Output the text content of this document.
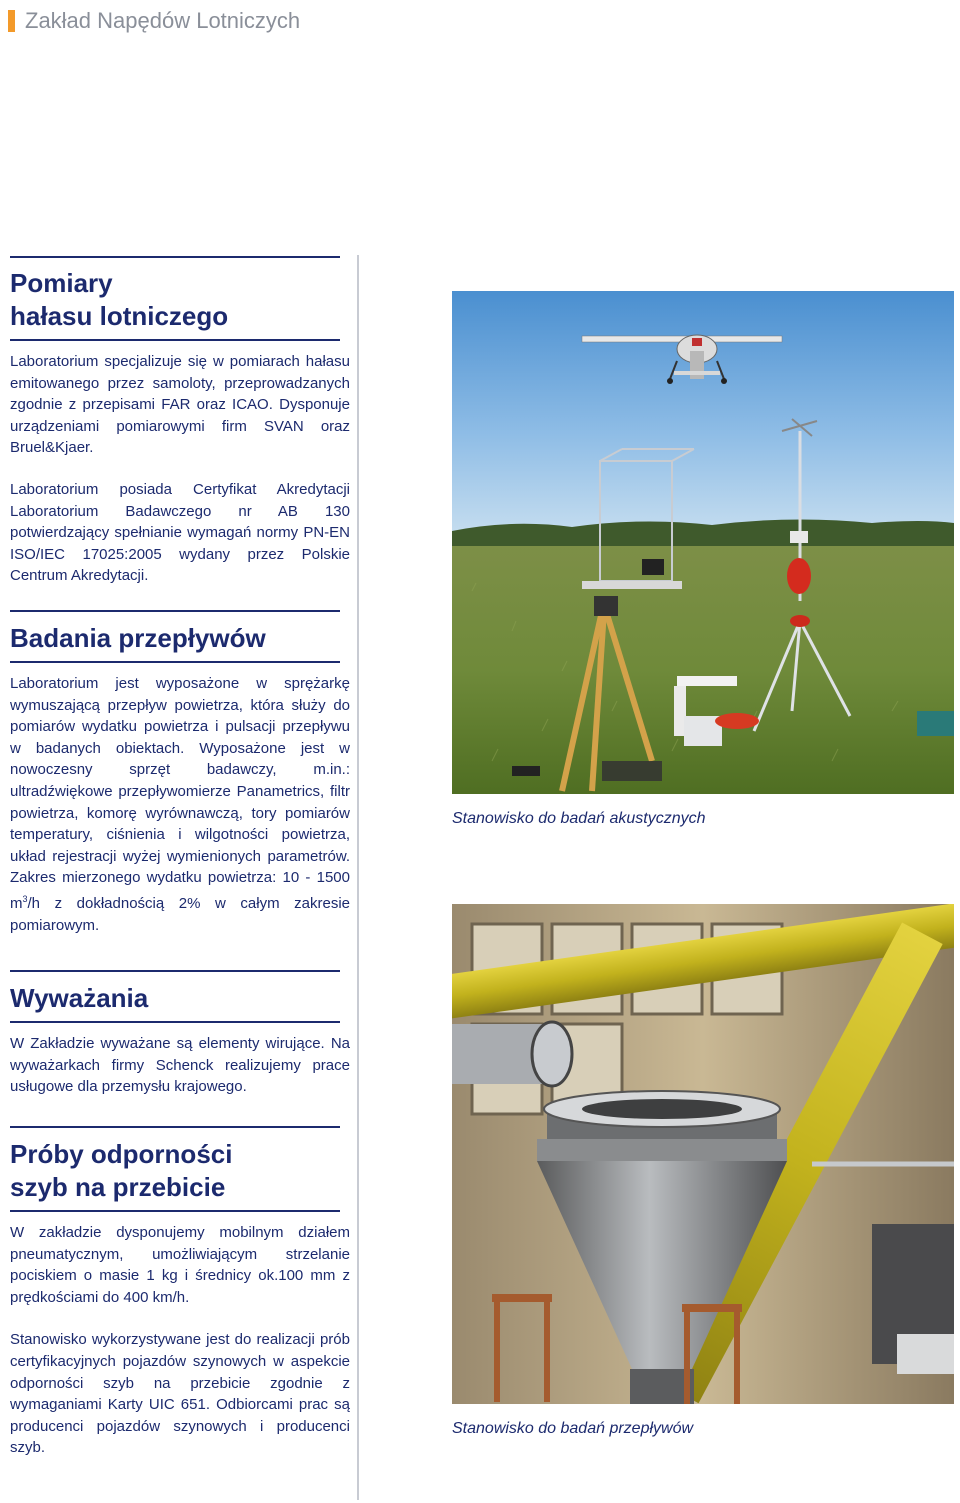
Zakład Napędów Lotniczych
Pomiary
hałasu lotniczego

Laboratorium specjalizuje się w pomiarach hałasu emitowanego przez samoloty, przeprowadzanych zgodnie z przepisami FAR oraz ICAO. Dysponuje urządzeniami pomiarowymi firm SVAN oraz Bruel&Kjaer.

Laboratorium posiada Certyfikat Akredytacji Laboratorium Badawczego nr AB 130 potwierdzający spełnianie wymagań normy PN-EN ISO/IEC 17025:2005 wydany przez Polskie Centrum Akredytacji.

Badania przepływów

Laboratorium jest wyposażone w sprężarkę wymuszającą przepływ powietrza, która służy do pomiarów wydatku powietrza i pulsacji przepływu w badanych obiektach. Wyposażone jest w nowoczesny sprzęt badawczy, m.in.: ultradźwiękowe przepływomierze Panametrics, filtr powietrza, komorę wyrównawczą, tory pomiarów temperatury, ciśnienia i wilgotności powietrza, układ rejestracji wyżej wymienionych parametrów. Zakres mierzonego wydatku powietrza: 10 - 1500 $m^3/h$ z dokładnością 2% w całym zakresie pomiarowym.

Wyważania

W Zakładzie wyważane są elementy wirujące. Na wyważarkach firmy Schenck realizujemy prace usługowe dla przemysłu krajowego.

Próby odporności
szyb na przebicie

W zakładzie dysponujemy mobilnym działem pneumatycznym, umożliwiającym strzelanie pociskiem o masie 1 kg i średnicy ok.100 mm z prędkościami do 400 km/h.

Stanowisko wykorzystywane jest do realizacji prób certyfikacyjnych pojazdów szynowych w aspekcie odporności szyb na przebicie zgodnie z wymaganiami Karty UIC 651. Odbiorcami prac są producenci pojazdów szynowych i producenci szyb.

Stanowisko do badań akustycznych
Stanowisko do badań przepływów
